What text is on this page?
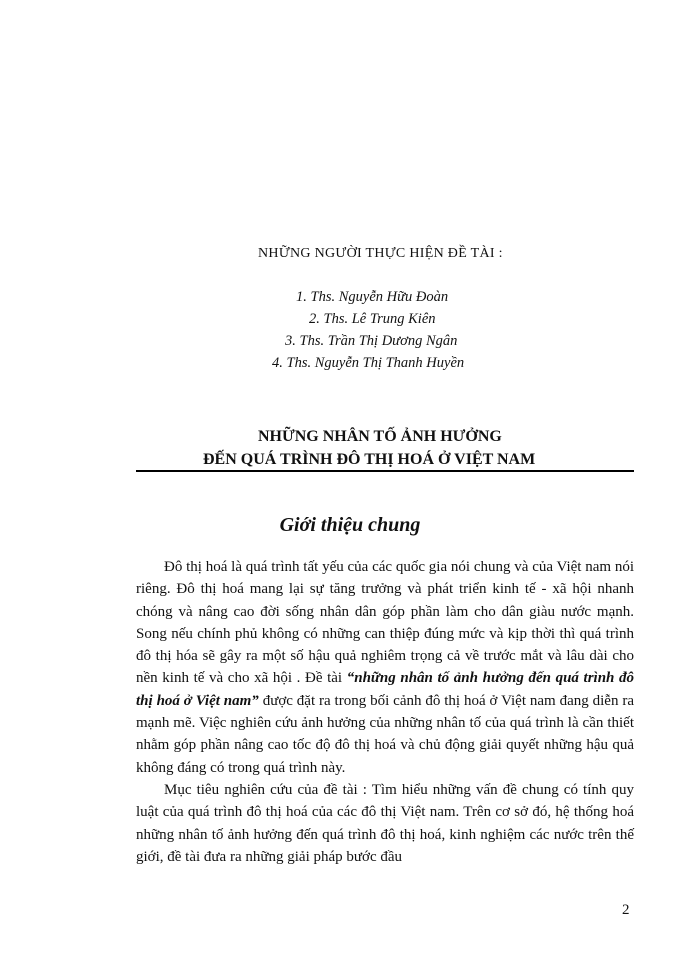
NHỮNG NGƯỜI THỰC HIỆN ĐỀ TÀI :
1. Ths. Nguyễn Hữu Đoàn
2. Ths. Lê Trung Kiên
3. Ths. Trần Thị Dương Ngân
4. Ths. Nguyễn Thị Thanh Huyền
NHỮNG NHÂN TỐ ẢNH HƯỞNG
ĐẾN QUÁ TRÌNH ĐÔ THỊ HOÁ Ở VIỆT NAM
Giới thiệu chung

Đô thị hoá là quá trình tất yếu của các quốc gia nói chung và của Việt nam nói riêng. Đô thị hoá mang lại sự tăng trưởng và phát triển kinh tế - xã hội nhanh chóng và nâng cao đời sống nhân dân góp phần làm cho dân giàu nước mạnh. Song nếu chính phủ không có những can thiệp đúng mức và kịp thời thì quá trình đô thị hóa sẽ gây ra một số hậu quả nghiêm trọng cả về trước mắt và lâu dài cho nền kinh tế và cho xã hội . Đề tài “những nhân tố ảnh hưởng đến quá trình đô thị hoá ở Việt nam” được đặt ra trong bối cảnh đô thị hoá ở Việt nam đang diễn ra mạnh mẽ. Việc nghiên cứu ảnh hưởng của những nhân tố của quá trình là cần thiết nhằm góp phần nâng cao tốc độ đô thị hoá và chủ động giải quyết những hậu quả không đáng có trong quá trình này.

Mục tiêu nghiên cứu của đề tài : Tìm hiểu những vấn đề chung có tính quy luật của quá trình đô thị hoá của các đô thị Việt nam. Trên cơ sở đó, hệ thống hoá những nhân tố ảnh hưởng đến quá trình đô thị hoá, kinh nghiệm các nước trên thế giới, đề tài đưa ra những giải pháp bước đầu

2
